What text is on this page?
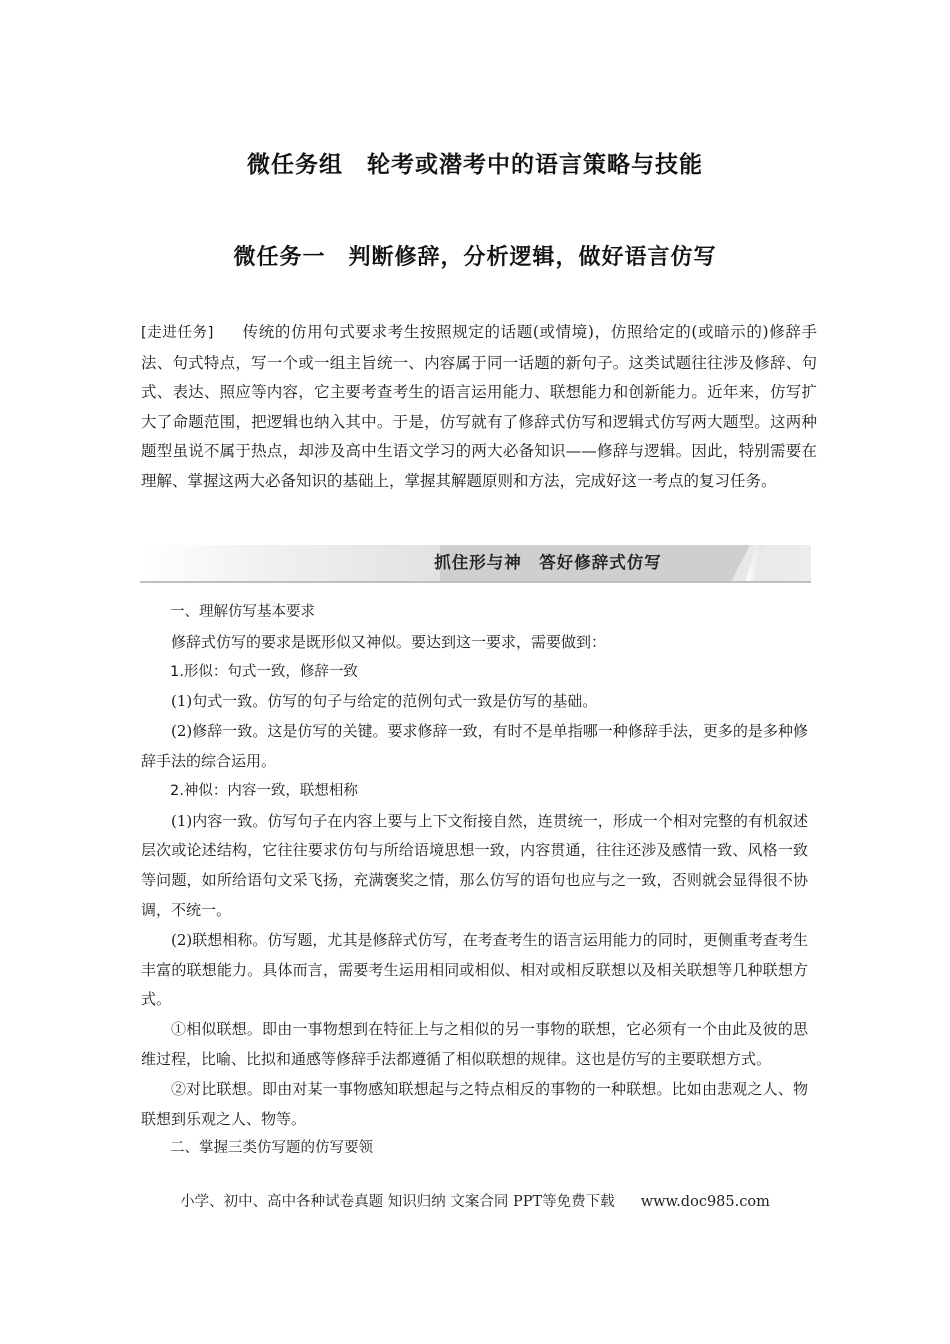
微任务组　轮考或潜考中的语言策略与技能
微任务一　判断修辞，分析逻辑，做好语言仿写
[走进任务] 传统的仿用句式要求考生按照规定的话题(或情境)，仿照给定的(或暗示的)修辞手法、句式特点，写一个或一组主旨统一、内容属于同一话题的新句子。这类试题往往涉及修辞、句式、表达、照应等内容，它主要考查考生的语言运用能力、联想能力和创新能力。近年来，仿写扩大了命题范围，把逻辑也纳入其中。于是，仿写就有了修辞式仿写和逻辑式仿写两大题型。这两种题型虽说不属于热点，却涉及高中生语文学习的两大必备知识——修辞与逻辑。因此，特别需要在理解、掌握这两大必备知识的基础上，掌握其解题原则和方法，完成好这一考点的复习任务。
抓住形与神　答好修辞式仿写

一、理解仿写基本要求

修辞式仿写的要求是既形似又神似。要达到这一要求，需要做到：

1.形似：句式一致，修辞一致

(1)句式一致。仿写的句子与给定的范例句式一致是仿写的基础。

(2)修辞一致。这是仿写的关键。要求修辞一致，有时不是单指哪一种修辞手法，更多的是多种修辞手法的综合运用。

2.神似：内容一致，联想相称

(1)内容一致。仿写句子在内容上要与上下文衔接自然，连贯统一，形成一个相对完整的有机叙述层次或论述结构，它往往要求仿句与所给语境思想一致，内容贯通，往往还涉及感情一致、风格一致等问题，如所给语句文采飞扬，充满褒奖之情，那么仿写的语句也应与之一致，否则就会显得很不协调，不统一。

(2)联想相称。仿写题，尤其是修辞式仿写，在考查考生的语言运用能力的同时，更侧重考查考生丰富的联想能力。具体而言，需要考生运用相同或相似、相对或相反联想以及相关联想等几种联想方式。

①相似联想。即由一事物想到在特征上与之相似的另一事物的联想，它必须有一个由此及彼的思维过程，比喻、比拟和通感等修辞手法都遵循了相似联想的规律。这也是仿写的主要联想方式。

②对比联想。即由对某一事物感知联想起与之特点相反的事物的一种联想。比如由悲观之人、物联想到乐观之人、物等。

二、掌握三类仿写题的仿写要领

小学、初中、高中各种试卷真题 知识归纳 文案合同 PPT等免费下载 www.doc985.com
